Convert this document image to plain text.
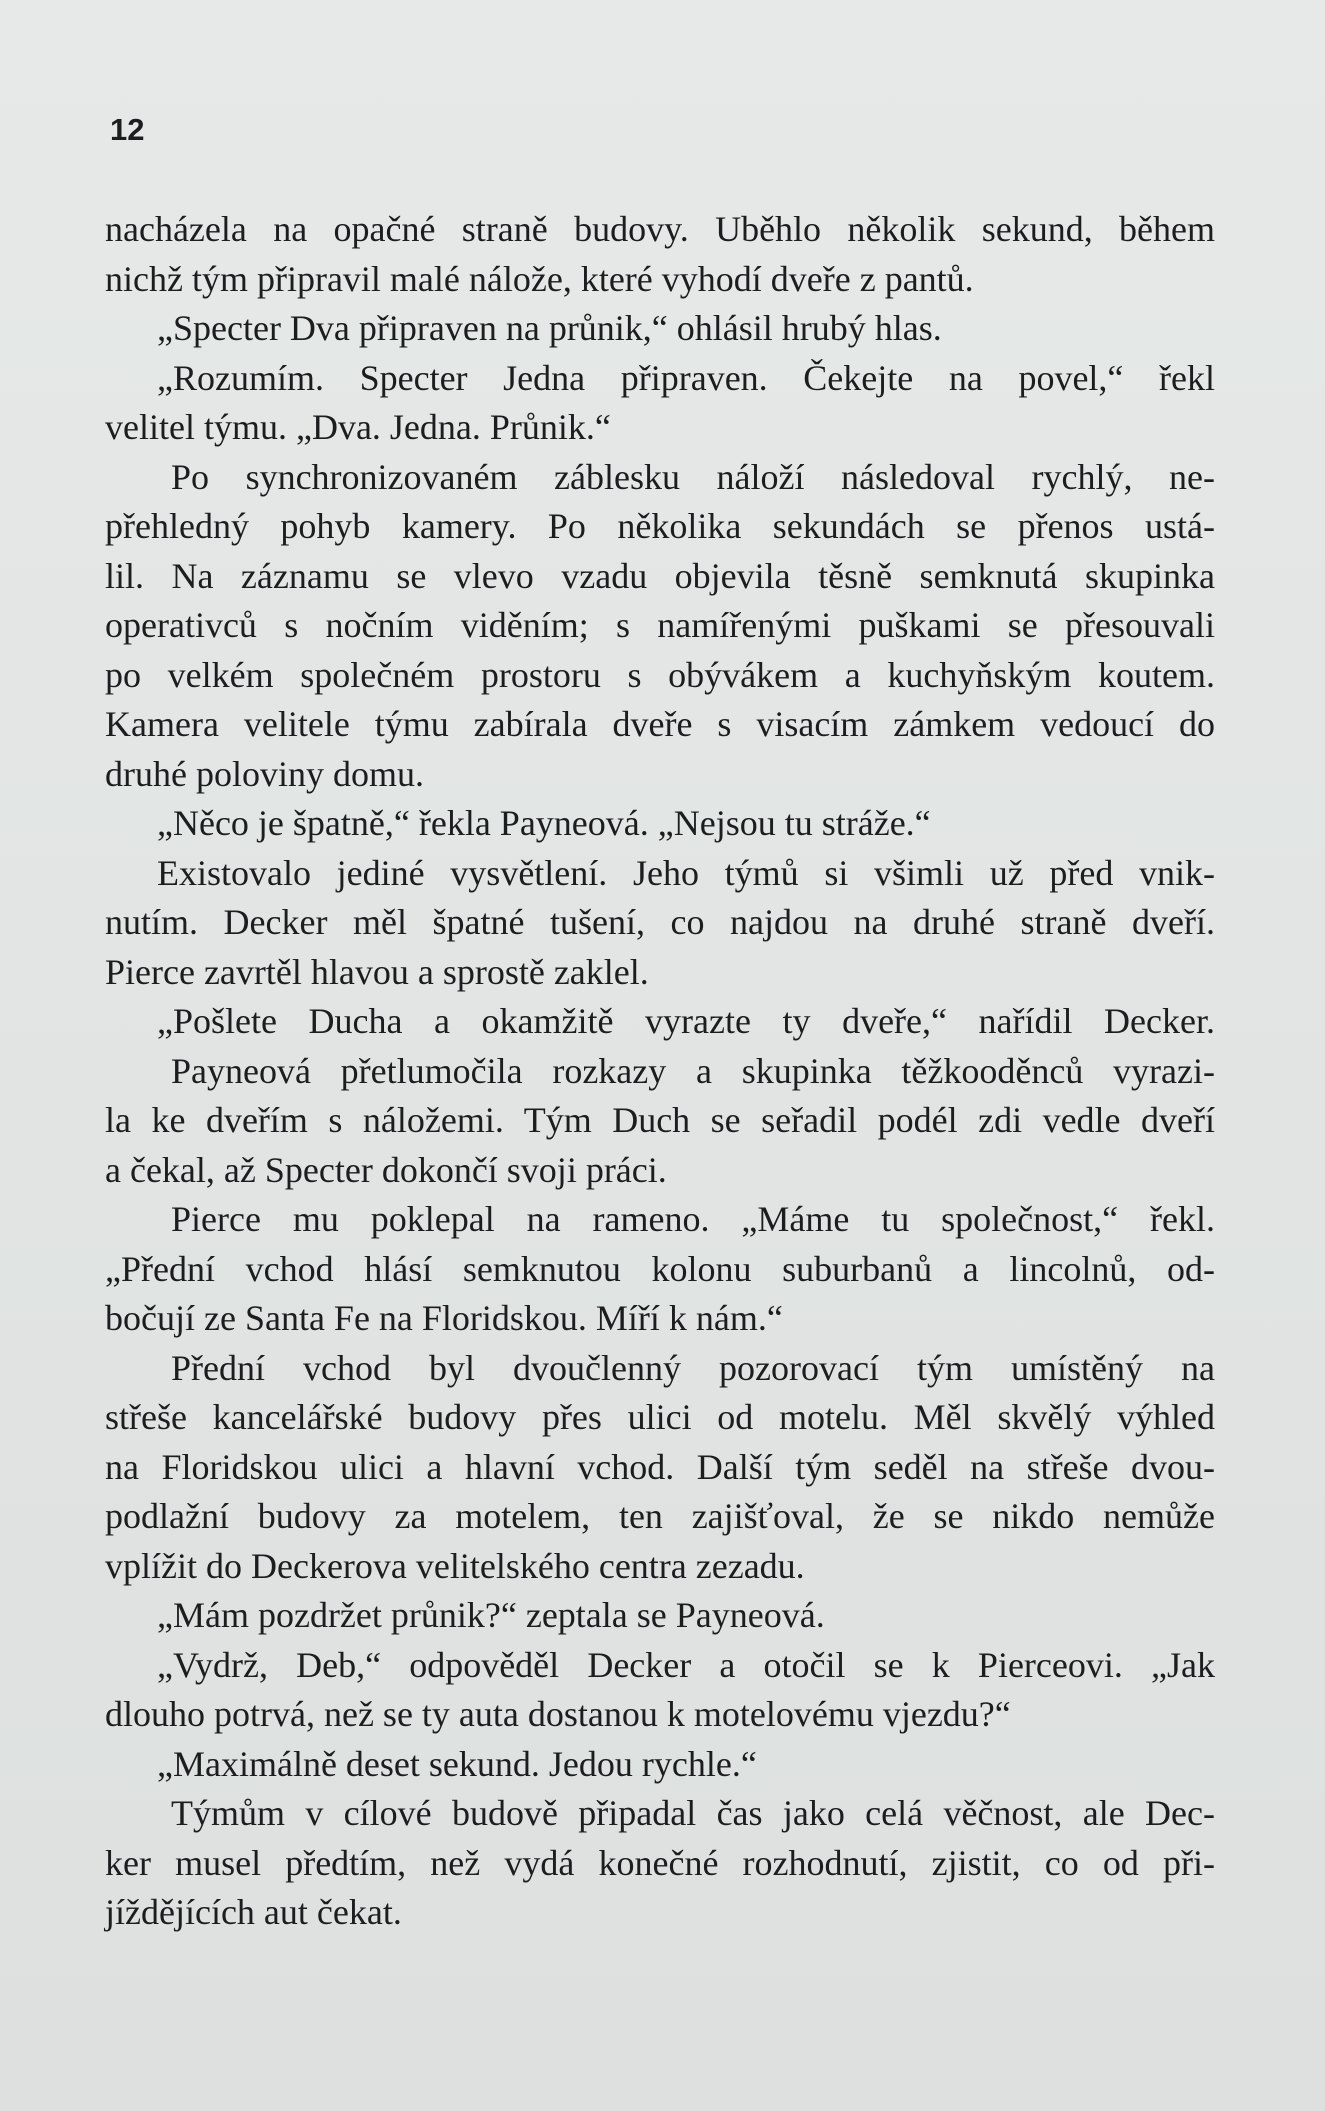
12
nacházela na opačné straně budovy. Uběhlo několik sekund, během
nichž tým připravil malé nálože, které vyhodí dveře z pantů.
„Specter Dva připraven na průnik,“ ohlásil hrubý hlas.
„Rozumím. Specter Jedna připraven. Čekejte na povel,“ řekl
velitel týmu. „Dva. Jedna. Průnik.“
Po synchronizovaném záblesku náloží následoval rychlý, ne-
přehledný pohyb kamery. Po několika sekundách se přenos ustá-
lil. Na záznamu se vlevo vzadu objevila těsně semknutá skupinka
operativců s nočním viděním; s namířenými puškami se přesouvali
po velkém společném prostoru s obývákem a kuchyňským koutem.
Kamera velitele týmu zabírala dveře s visacím zámkem vedoucí do
druhé poloviny domu.
„Něco je špatně,“ řekla Payneová. „Nejsou tu stráže.“
Existovalo jediné vysvětlení. Jeho týmů si všimli už před vnik-
nutím. Decker měl špatné tušení, co najdou na druhé straně dveří.
Pierce zavrtěl hlavou a sprostě zaklel.
„Pošlete Ducha a okamžitě vyrazte ty dveře,“ nařídil Decker.
Payneová přetlumočila rozkazy a skupinka těžkooděnců vyrazi-
la ke dveřím s náložemi. Tým Duch se seřadil podél zdi vedle dveří
a čekal, až Specter dokončí svoji práci.
Pierce mu poklepal na rameno. „Máme tu společnost,“ řekl.
„Přední vchod hlásí semknutou kolonu suburbanů a lincolnů, od-
bočují ze Santa Fe na Floridskou. Míří k nám.“
Přední vchod byl dvoučlenný pozorovací tým umístěný na
střeše kancelářské budovy přes ulici od motelu. Měl skvělý výhled
na Floridskou ulici a hlavní vchod. Další tým seděl na střeše dvou-
podlažní budovy za motelem, ten zajišťoval, že se nikdo nemůže
vplížit do Deckerova velitelského centra zezadu.
„Mám pozdržet průnik?“ zeptala se Payneová.
„Vydrž, Deb,“ odpověděl Decker a otočil se k Pierceovi. „Jak
dlouho potrvá, než se ty auta dostanou k motelovému vjezdu?“
„Maximálně deset sekund. Jedou rychle.“
Týmům v cílové budově připadal čas jako celá věčnost, ale Dec-
ker musel předtím, než vydá konečné rozhodnutí, zjistit, co od při-
jíždějících aut čekat.
